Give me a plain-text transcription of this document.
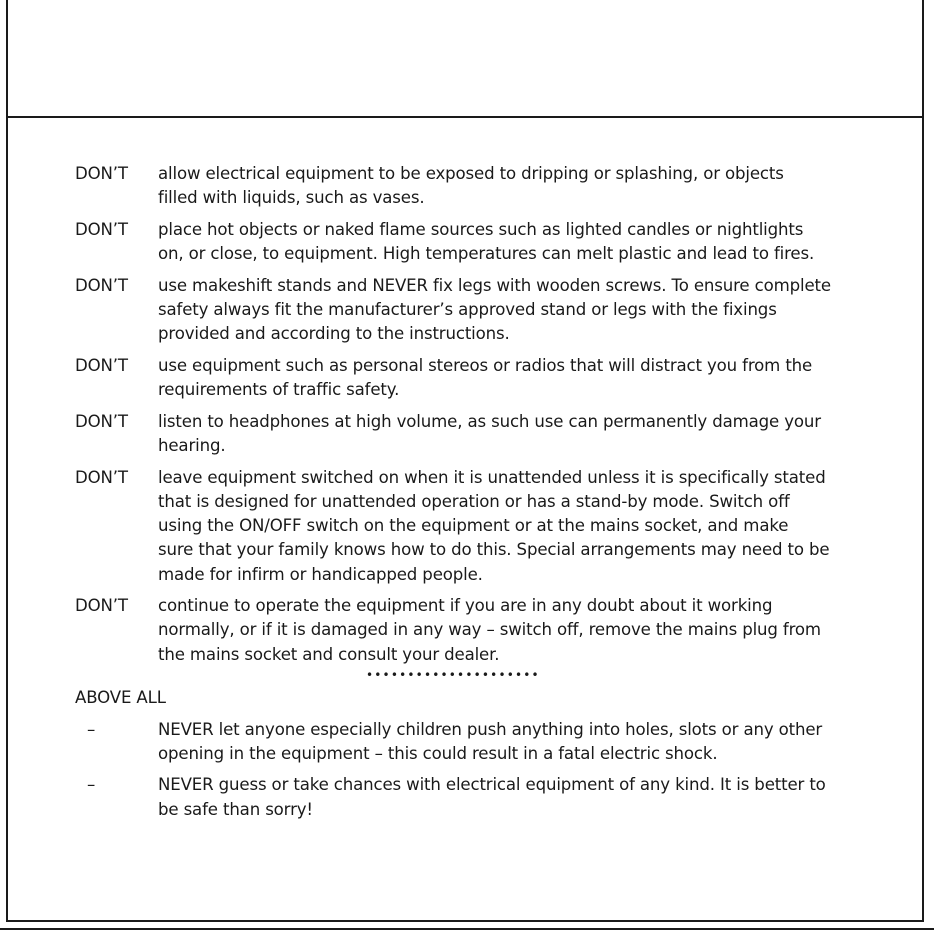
DON’T	allow electrical equipment to be exposed to dripping or splashing, or objects
filled with liquids, such as vases.
DON’T	place hot objects or naked flame sources such as lighted candles or nightlights
on, or close, to equipment. High temperatures can melt plastic and lead to fires.
DON’T	use makeshift stands and NEVER fix legs with wooden screws. To ensure complete
safety always fit the manufacturer’s approved stand or legs with the fixings
provided and according to the instructions.
DON’T	use equipment such as personal stereos or radios that will distract you from the
requirements of traffic safety.
DON’T	listen to headphones at high volume, as such use can permanently damage your
hearing.
DON’T	leave equipment switched on when it is unattended unless it is specifically stated
that is designed for unattended operation or has a stand-by mode. Switch off
using the ON/OFF switch on the equipment or at the mains socket, and make
sure that your family knows how to do this. Special arrangements may need to be
made for infirm or handicapped people.
DON’T	continue to operate the equipment if you are in any doubt about it working
normally, or if it is damaged in any way – switch off, remove the mains plug from
the mains socket and consult your dealer.
•••••••••••••••••••••
ABOVE ALL
–	NEVER let anyone especially children push anything into holes, slots or any other
opening in the equipment – this could result in a fatal electric shock.
–	NEVER guess or take chances with electrical equipment of any kind. It is better to
be safe than sorry!
